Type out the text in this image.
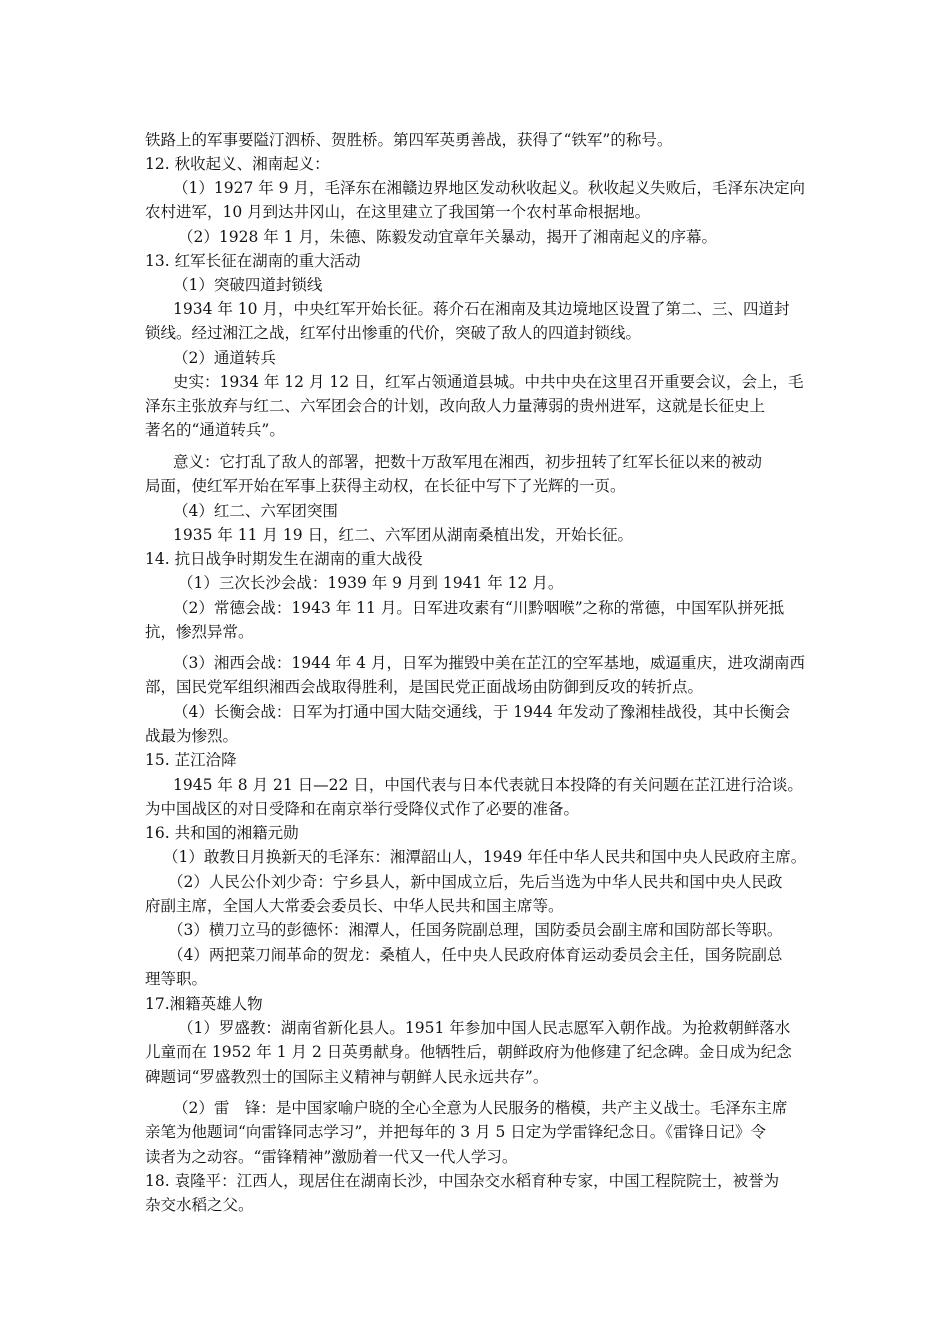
铁路上的军事要隘汀泗桥、贺胜桥。第四军英勇善战，获得了“铁军”的称号。
12. 秋收起义、湘南起义：
（1）1927 年 9 月，毛泽东在湘赣边界地区发动秋收起义。秋收起义失败后，毛泽东决定向
农村进军，10 月到达井冈山，在这里建立了我国第一个农村革命根据地。
（2）1928 年 1 月，朱德、陈毅发动宜章年关暴动，揭开了湘南起义的序幕。
13. 红军长征在湖南的重大活动
（1）突破四道封锁线
1934 年 10 月，中央红军开始长征。蒋介石在湘南及其边境地区设置了第二、三、四道封
锁线。经过湘江之战，红军付出惨重的代价，突破了敌人的四道封锁线。
（2）通道转兵
史实：1934 年 12 月 12 日，红军占领通道县城。中共中央在这里召开重要会议，会上，毛
泽东主张放弃与红二、六军团会合的计划，改向敌人力量薄弱的贵州进军，这就是长征史上
著名的“通道转兵”。
意义：它打乱了敌人的部署，把数十万敌军甩在湘西，初步扭转了红军长征以来的被动
局面，使红军开始在军事上获得主动权，在长征中写下了光辉的一页。
（4）红二、六军团突围
1935 年 11 月 19 日，红二、六军团从湖南桑植出发，开始长征。
14. 抗日战争时期发生在湖南的重大战役
（1）三次长沙会战：1939 年 9 月到 1941 年 12 月。
（2）常德会战：1943 年 11 月。日军进攻素有“川黔咽喉”之称的常德，中国军队拼死抵
抗，惨烈异常。
（3）湘西会战：1944 年 4 月，日军为摧毁中美在芷江的空军基地，威逼重庆，进攻湖南西
部，国民党军组织湘西会战取得胜利，是国民党正面战场由防御到反攻的转折点。
（4）长衡会战：日军为打通中国大陆交通线，于 1944 年发动了豫湘桂战役，其中长衡会
战最为惨烈。
15. 芷江洽降
1945 年 8 月 21 日—22 日，中国代表与日本代表就日本投降的有关问题在芷江进行洽谈。
为中国战区的对日受降和在南京举行受降仪式作了必要的准备。
16. 共和国的湘籍元勋
（1）敢教日月换新天的毛泽东：湘潭韶山人，1949 年任中华人民共和国中央人民政府主席。
（2）人民公仆刘少奇：宁乡县人，新中国成立后，先后当选为中华人民共和国中央人民政
府副主席，全国人大常委会委员长、中华人民共和国主席等。
（3）横刀立马的彭德怀：湘潭人，任国务院副总理，国防委员会副主席和国防部长等职。
（4）两把菜刀闹革命的贺龙：桑植人，任中央人民政府体育运动委员会主任，国务院副总
理等职。
17.湘籍英雄人物
（1）罗盛教：湖南省新化县人。1951 年参加中国人民志愿军入朝作战。为抢救朝鲜落水
儿童而在 1952 年 1 月 2 日英勇献身。他牺牲后，朝鲜政府为他修建了纪念碑。金日成为纪念
碑题词“罗盛教烈士的国际主义精神与朝鲜人民永远共存”。
（2）雷　锋：是中国家喻户晓的全心全意为人民服务的楷模，共产主义战士。毛泽东主席
亲笔为他题词“向雷锋同志学习”，并把每年的 3 月 5 日定为学雷锋纪念日。《雷锋日记》令
读者为之动容。“雷锋精神”激励着一代又一代人学习。
18. 袁隆平：江西人，现居住在湖南长沙，中国杂交水稻育种专家，中国工程院院士，被誉为
杂交水稻之父。
